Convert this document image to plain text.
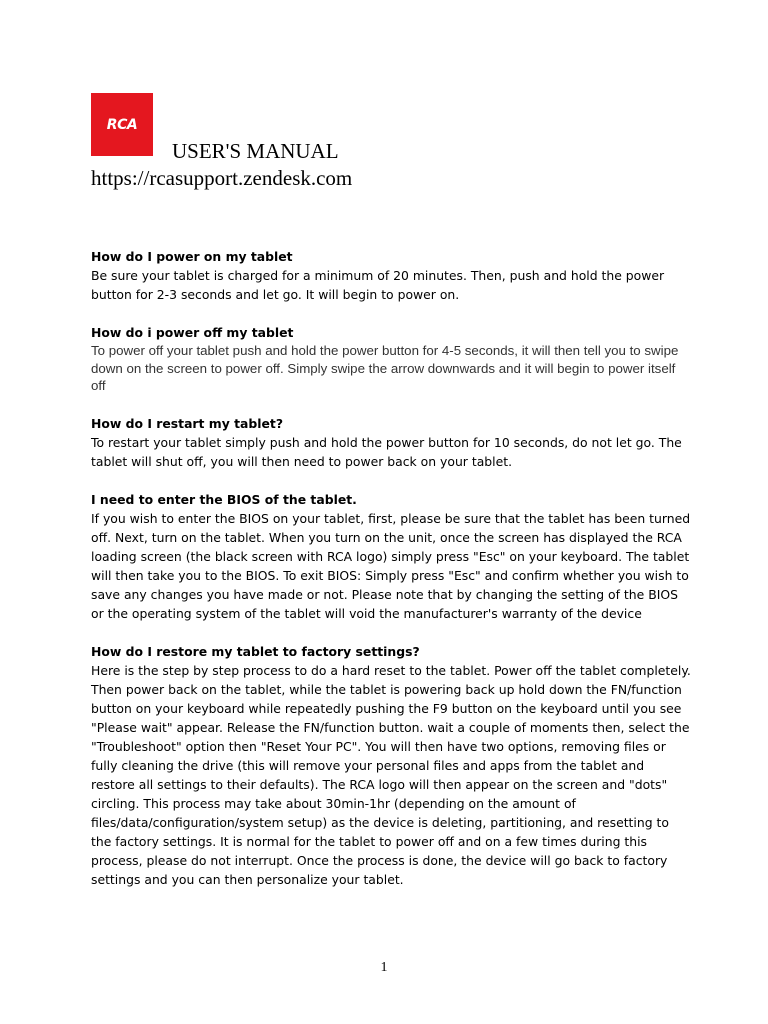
RCA
USER'S MANUAL
https://rcasupport.zendesk.com

How do I power on my tablet

Be sure your tablet is charged for a minimum of 20 minutes. Then, push and hold the power button for 2-3 seconds and let go. It will begin to power on.

How do i power off my tablet

To power off your tablet push and hold the power button for 4-5 seconds, it will then tell you to swipe down on the screen to power off. Simply swipe the arrow downwards and it will begin to power itself off

How do I restart my tablet?

To restart your tablet simply push and hold the power button for 10 seconds, do not let go. The tablet will shut off, you will then need to power back on your tablet.

I need to enter the BIOS of the tablet.

If you wish to enter the BIOS on your tablet, first, please be sure that the tablet has been turned off. Next, turn on the tablet. When you turn on the unit, once the screen has displayed the RCA loading screen (the black screen with RCA logo) simply press "Esc" on your keyboard. The tablet will then take you to the BIOS. To exit BIOS: Simply press "Esc" and confirm whether you wish to save any changes you have made or not. Please note that by changing the setting of the BIOS or the operating system of the tablet will void the manufacturer's warranty of the device

How do I restore my tablet to factory settings?

Here is the step by step process to do a hard reset to the tablet. Power off the tablet completely. Then power back on the tablet, while the tablet is powering back up hold down the FN/function button on your keyboard while repeatedly pushing the F9 button on the keyboard until you see "Please wait" appear. Release the FN/function button. wait a couple of moments then, select the "Troubleshoot" option then "Reset Your PC". You will then have two options, removing files or fully cleaning the drive (this will remove your personal files and apps from the tablet and restore all settings to their defaults). The RCA logo will then appear on the screen and "dots" circling. This process may take about 30min-1hr (depending on the amount of files/data/configuration/system setup) as the device is deleting, partitioning, and resetting to the factory settings. It is normal for the tablet to power off and on a few times during this process, please do not interrupt. Once the process is done, the device will go back to factory settings and you can then personalize your tablet.

1
